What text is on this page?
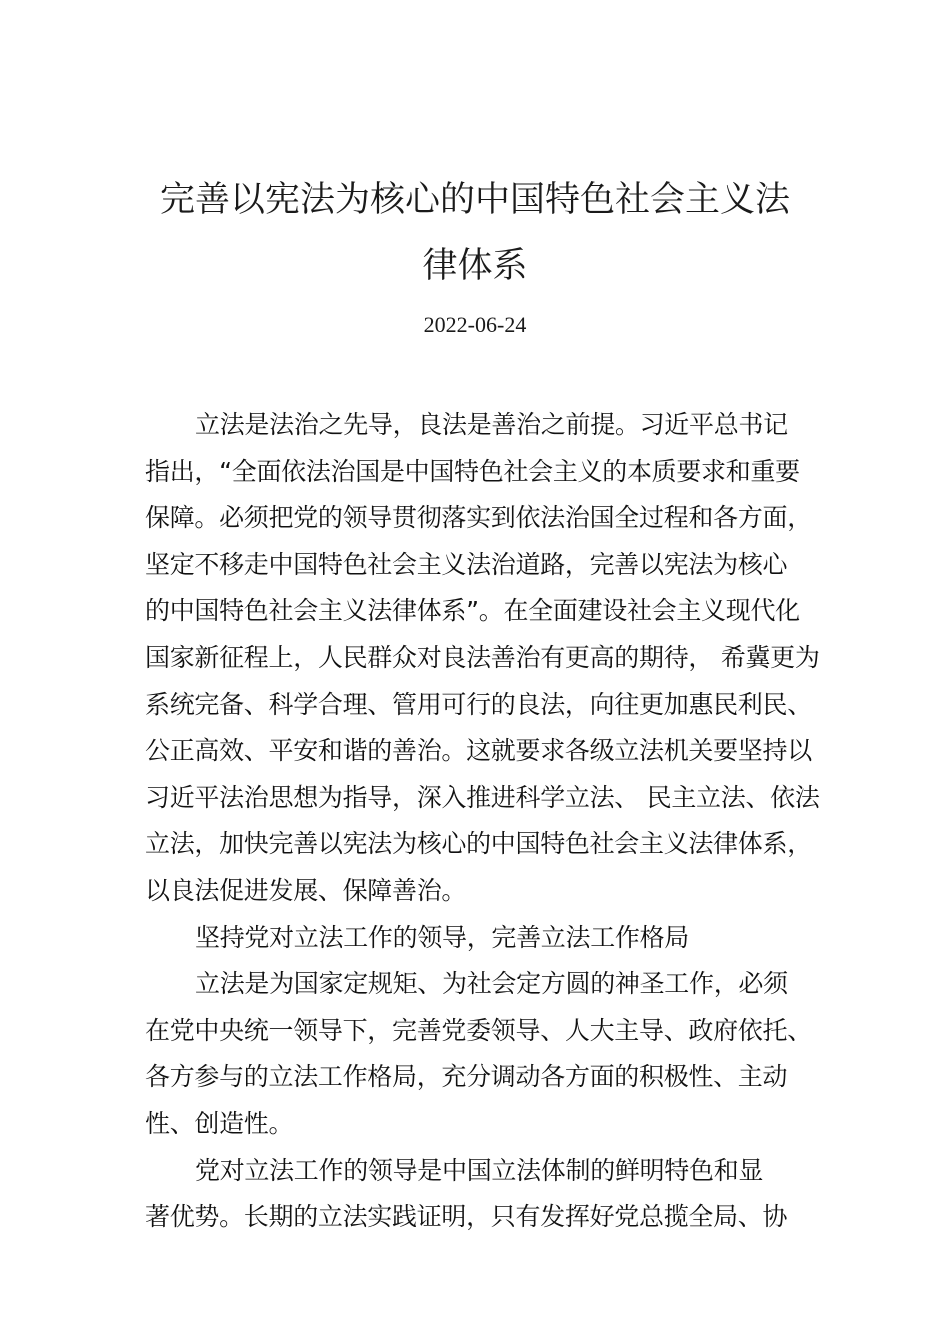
完善以宪法为核心的中国特色社会主义法
律体系
2022-06-24
立法是法治之先导，良法是善治之前提。习近平总书记
指出，“全面依法治国是中国特色社会主义的本质要求和重要
保障。必须把党的领导贯彻落实到依法治国全过程和各方面，
坚定不移走中国特色社会主义法治道路，完善以宪法为核心
的中国特色社会主义法律体系”。在全面建设社会主义现代化
国家新征程上，人民群众对良法善治有更高的期待， 希冀更为
系统完备、科学合理、管用可行的良法，向往更加惠民利民、
公正高效、平安和谐的善治。这就要求各级立法机关要坚持以
习近平法治思想为指导，深入推进科学立法、 民主立法、依法
立法，加快完善以宪法为核心的中国特色社会主义法律体系，
以良法促进发展、保障善治。
坚持党对立法工作的领导，完善立法工作格局
立法是为国家定规矩、为社会定方圆的神圣工作，必须
在党中央统一领导下，完善党委领导、人大主导、政府依托、
各方参与的立法工作格局，充分调动各方面的积极性、主动
性、创造性。
党对立法工作的领导是中国立法体制的鲜明特色和显
著优势。长期的立法实践证明，只有发挥好党总揽全局、协
